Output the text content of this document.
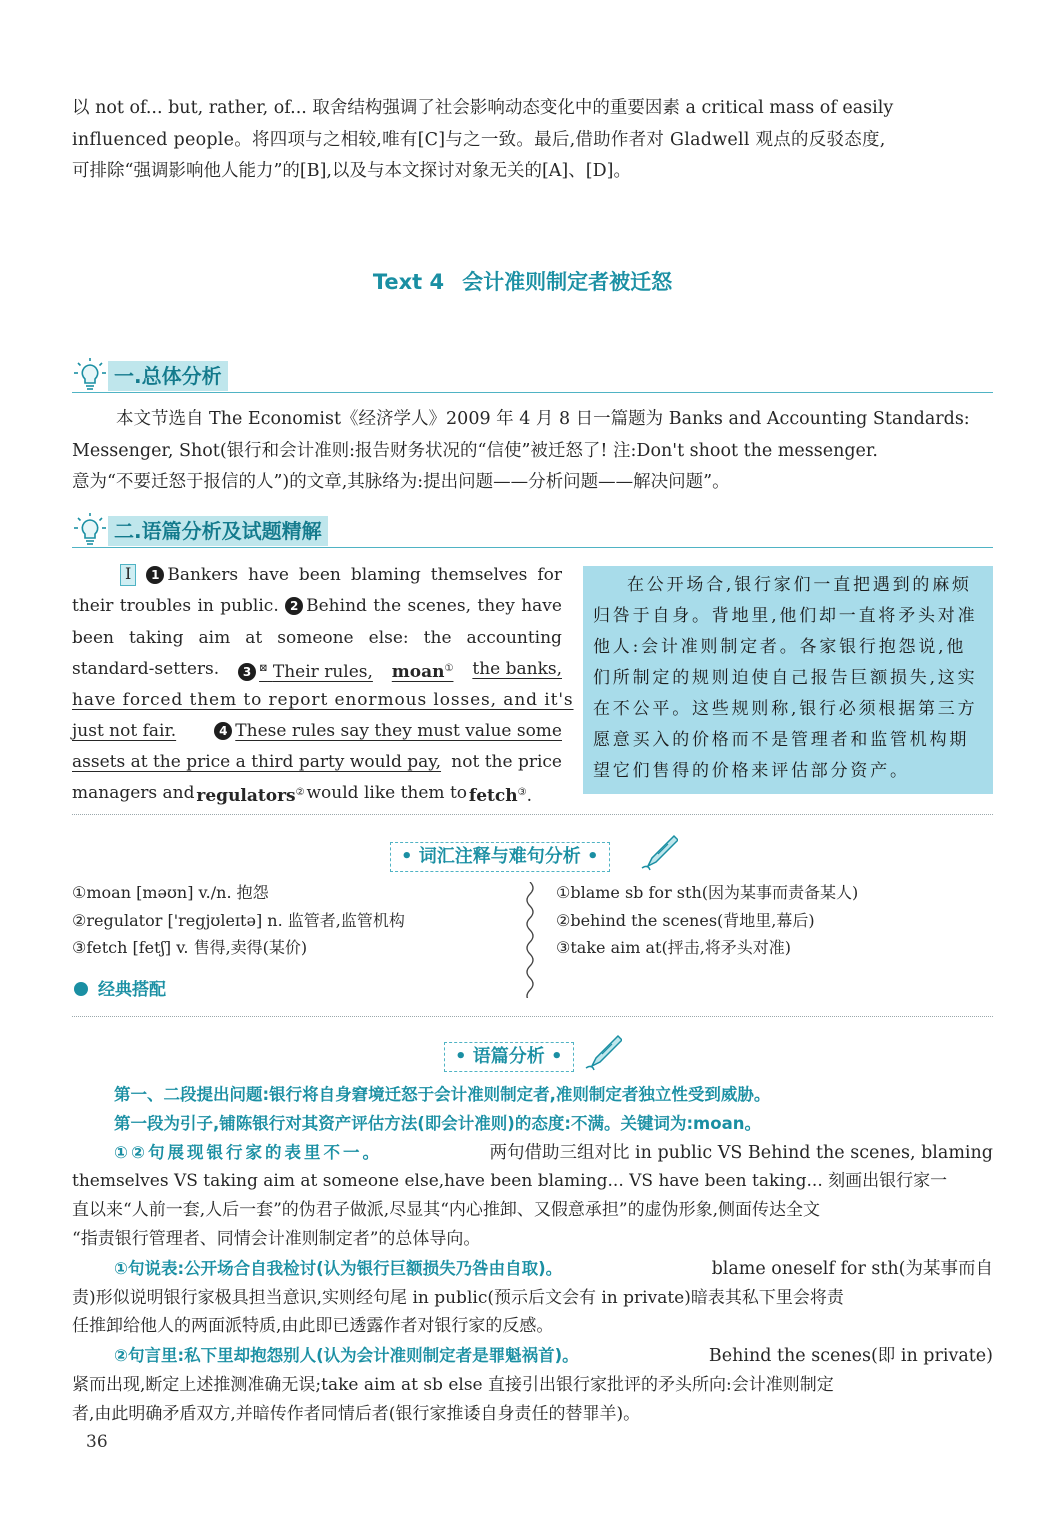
以 not of... but, rather, of... 取舍结构强调了社会影响动态变化中的重要因素 a critical mass of easily
influenced people。将四项与之相较,唯有[C]与之一致。最后,借助作者对 Gladwell 观点的反驳态度,
可排除“强调影响他人能力”的[B],以及与本文探讨对象无关的[A]、[D]。
Text 4 会计准则制定者被迁怒
一.总体分析
本文节选自 The Economist《经济学人》2009 年 4 月 8 日一篇题为 Banks and Accounting Standards:
Messenger, Shot(银行和会计准则:报告财务状况的“信使”被迁怒了! 注:Don't shoot the messenger.
意为“不要迁怒于报信的人”)的文章,其脉络为:提出问题——分析问题——解决问题”。
二.语篇分析及试题精解
I	1 Bankers have been blaming themselves for
their troubles in public. 2 Behind the scenes, they have
been taking aim at someone else: the accounting
standard-setters.	3 ⊠ Their rules, moan① the banks,
have forced them to report enormous losses, and it's
just not fair.	4 These rules say they must value some
assets at the price a third party would pay, not the price
managers and regulators② would like them to fetch③.
在公开场合,银行家们一直把遇到的麻烦
归咎于自身。背地里,他们却一直将矛头对准
他人:会计准则制定者。各家银行抱怨说,他
们所制定的规则迫使自己报告巨额损失,这实
在不公平。这些规则称,银行必须根据第三方
愿意买入的价格而不是管理者和监管机构期
望它们售得的价格来评估部分资产。
• 词汇注释与难句分析 •
①moan [məʊn] v./n. 抱怨
②regulator ['regjʊleɪtə] n. 监管者,监管机构
③fetch [fetʃ] v. 售得,卖得(某价)
①blame sb for sth(因为某事而责备某人)
②behind the scenes(背地里,幕后)
③take aim at(抨击,将矛头对准)
经典搭配
• 语篇分析 •
第一、二段提出问题:银行将自身窘境迁怒于会计准则制定者,准则制定者独立性受到威胁。
第一段为引子,铺陈银行对其资产评估方法(即会计准则)的态度:不满。关键词为:moan。
①②句展现银行家的表里不一。	两句借助三组对比 in public VS Behind the scenes, blaming
themselves VS taking aim at someone else,have been blaming... VS have been taking... 刻画出银行家一
直以来“人前一套,人后一套”的伪君子做派,尽显其“内心推卸、又假意承担”的虚伪形象,侧面传达全文
“指责银行管理者、同情会计准则制定者”的总体导向。
①句说表:公开场合自我检讨(认为银行巨额损失乃咎由自取)。	blame oneself for sth(为某事而自
责)形似说明银行家极具担当意识,实则经句尾 in public(预示后文会有 in private)暗表其私下里会将责
任推卸给他人的两面派特质,由此即已透露作者对银行家的反感。
②句言里:私下里却抱怨别人(认为会计准则制定者是罪魁祸首)。	Behind the scenes(即 in private)
紧而出现,断定上述推测准确无误;take aim at sb else 直接引出银行家批评的矛头所向:会计准则制定
者,由此明确矛盾双方,并暗传作者同情后者(银行家推诿自身责任的替罪羊)。
36
